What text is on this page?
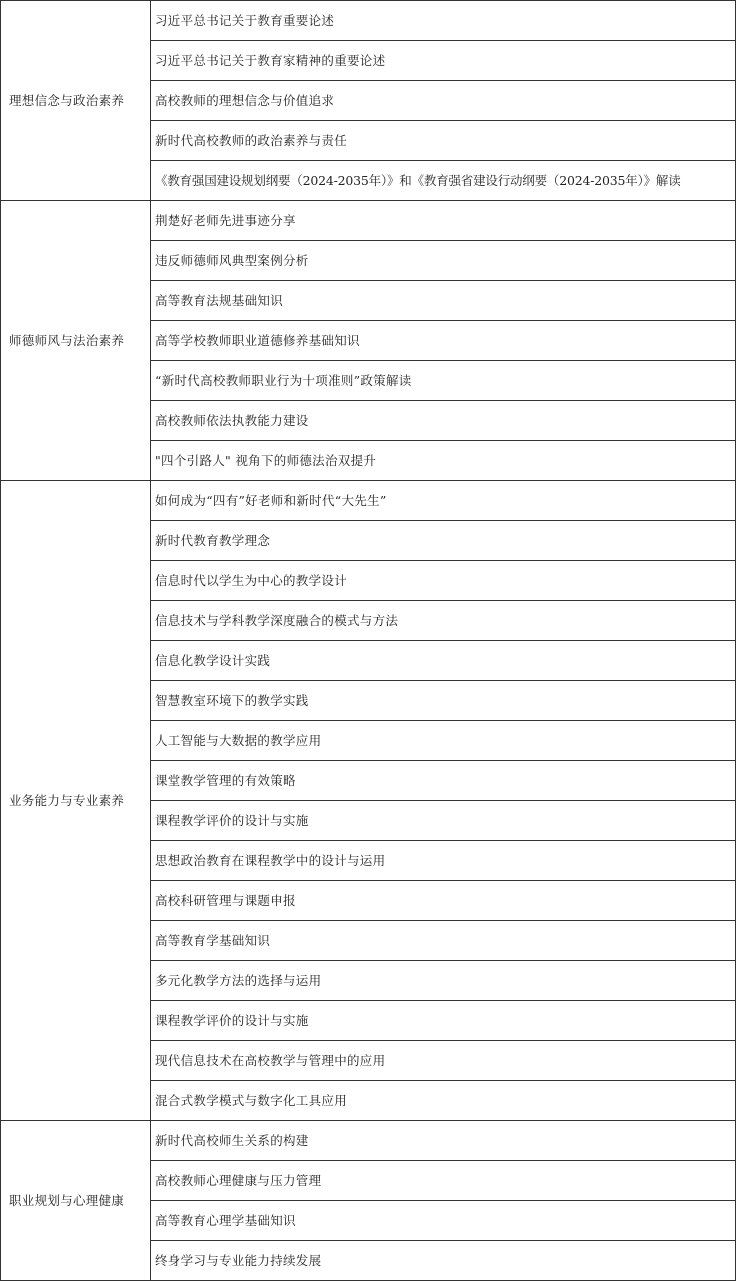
理想信念与政治素养	习近平总书记关于教育重要论述
	习近平总书记关于教育家精神的重要论述
	高校教师的理想信念与价值追求
	新时代高校教师的政治素养与责任
	《教育强国建设规划纲要（2024-2035年）》和《教育强省建设行动纲要（2024-2035年）》解读
师德师风与法治素养	荆楚好老师先进事迹分享
	违反师德师风典型案例分析
	高等教育法规基础知识
	高等学校教师职业道德修养基础知识
	“新时代高校教师职业行为十项准则”政策解读
	高校教师依法执教能力建设
	"四个引路人" 视角下的师德法治双提升
业务能力与专业素养	如何成为“四有”好老师和新时代“大先生”
	新时代教育教学理念
	信息时代以学生为中心的教学设计
	信息技术与学科教学深度融合的模式与方法
	信息化教学设计实践
	智慧教室环境下的教学实践
	人工智能与大数据的教学应用
	课堂教学管理的有效策略
	课程教学评价的设计与实施
	思想政治教育在课程教学中的设计与运用
	高校科研管理与课题申报
	高等教育学基础知识
	多元化教学方法的选择与运用
	课程教学评价的设计与实施
	现代信息技术在高校教学与管理中的应用
	混合式教学模式与数字化工具应用
职业规划与心理健康	新时代高校师生关系的构建
	高校教师心理健康与压力管理
	高等教育心理学基础知识
	终身学习与专业能力持续发展
